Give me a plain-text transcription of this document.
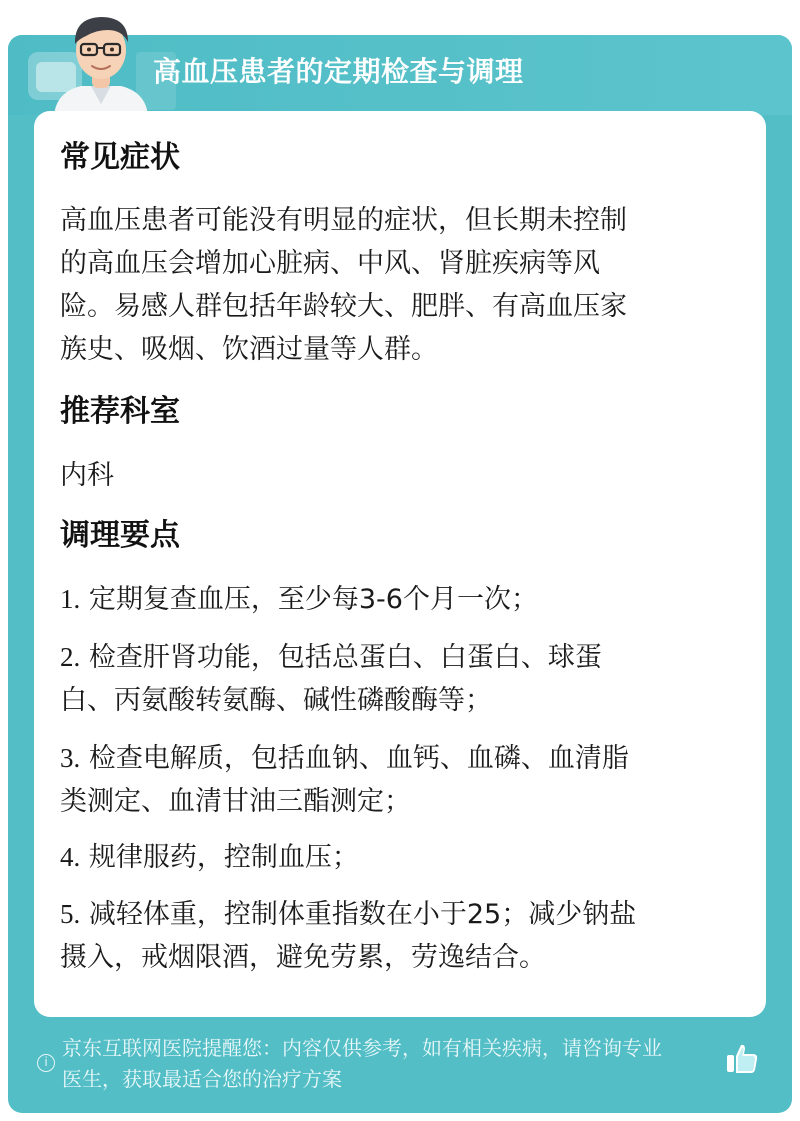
高血压患者的定期检查与调理
常见症状
高血压患者可能没有明显的症状，但长期未控制
的高血压会增加心脏病、中风、肾脏疾病等风
险。易感人群包括年龄较大、肥胖、有高血压家
族史、吸烟、饮酒过量等人群。
推荐科室
内科
调理要点
1. 定期复查血压，至少每3-6个月一次；
2. 检查肝肾功能，包括总蛋白、白蛋白、球蛋
白、丙氨酸转氨酶、碱性磷酸酶等；
3. 检查电解质，包括血钠、血钙、血磷、血清脂
类测定、血清甘油三酯测定；
4. 规律服药，控制血压；
5. 减轻体重，控制体重指数在小于25；减少钠盐
摄入，戒烟限酒，避免劳累，劳逸结合。
i
京东互联网医院提醒您：内容仅供参考，如有相关疾病，请咨询专业
医生，获取最适合您的治疗方案
